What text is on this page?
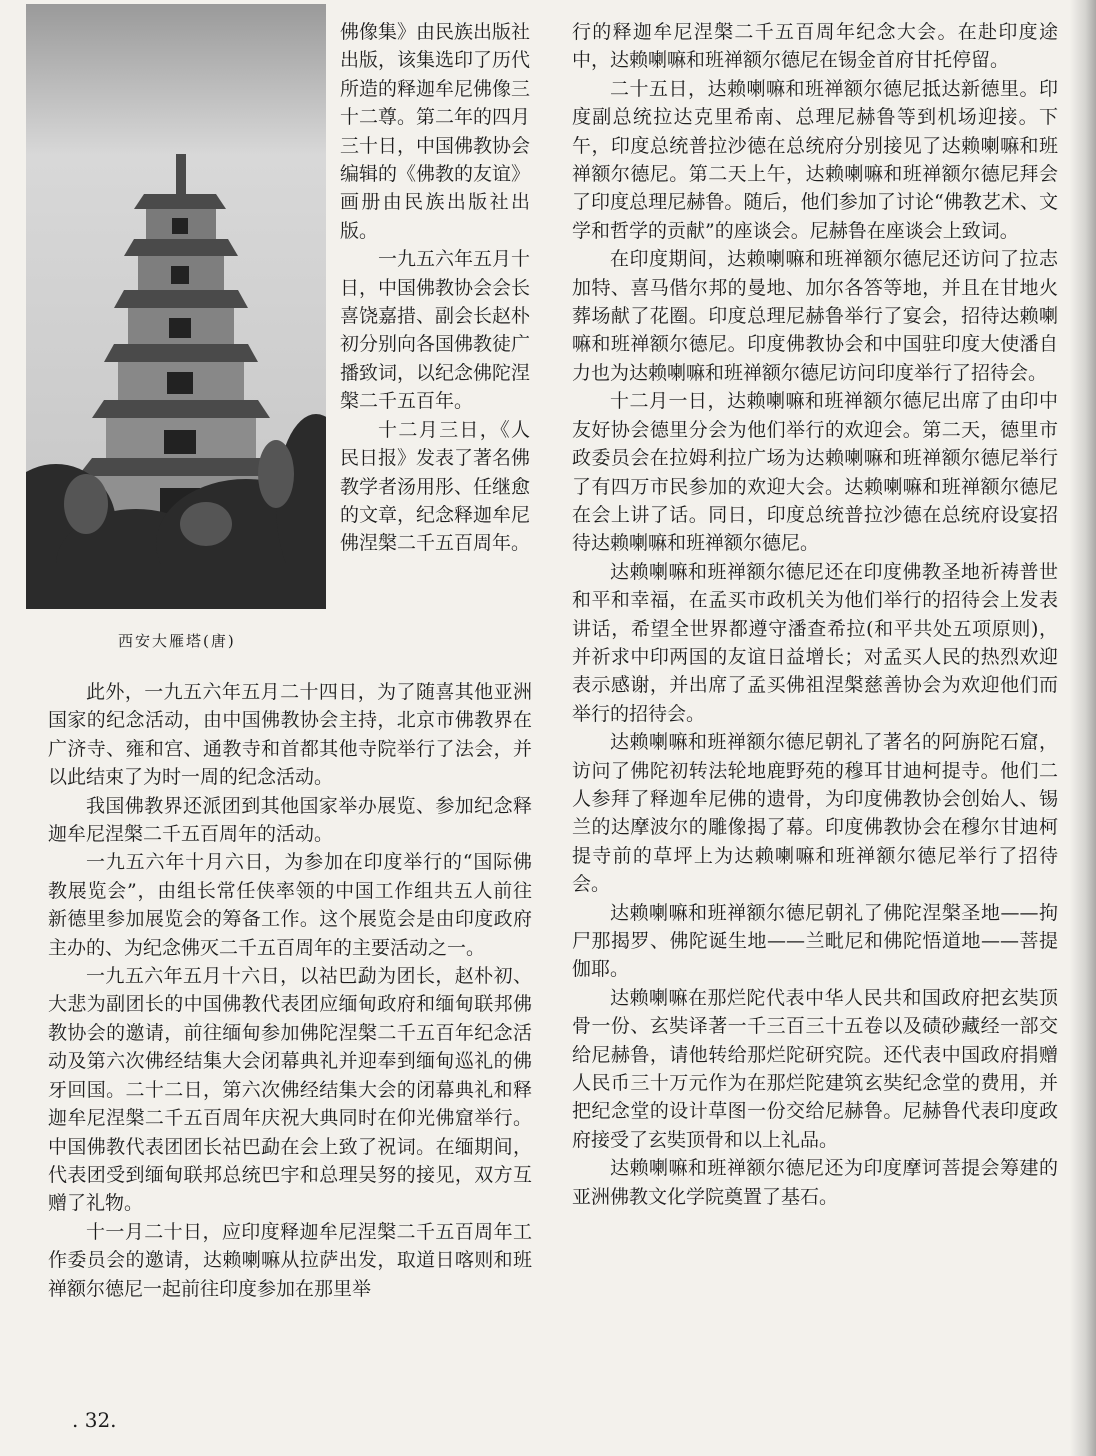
西安大雁塔(唐)

佛像集》由民族出版社出版，该集选印了历代所造的释迦牟尼佛像三十二尊。第二年的四月三十日，中国佛教协会编辑的《佛教的友谊》画册由民族出版社出版。

一九五六年五月十日，中国佛教协会会长喜饶嘉措、副会长赵朴初分别向各国佛教徒广播致词，以纪念佛陀涅槃二千五百年。

十二月三日，《人民日报》发表了著名佛教学者汤用彤、任继愈的文章，纪念释迦牟尼佛涅槃二千五百周年。

此外，一九五六年五月二十四日，为了随喜其他亚洲国家的纪念活动，由中国佛教协会主持，北京市佛教界在广济寺、雍和宫、通教寺和首都其他寺院举行了法会，并以此结束了为时一周的纪念活动。

我国佛教界还派团到其他国家举办展览、参加纪念释迦牟尼涅槃二千五百周年的活动。

一九五六年十月六日，为参加在印度举行的“国际佛教展览会”，由组长常任侠率领的中国工作组共五人前往新德里参加展览会的筹备工作。这个展览会是由印度政府主办的、为纪念佛灭二千五百周年的主要活动之一。

一九五六年五月十六日，以祜巴勐为团长，赵朴初、大悲为副团长的中国佛教代表团应缅甸政府和缅甸联邦佛教协会的邀请，前往缅甸参加佛陀涅槃二千五百年纪念活动及第六次佛经结集大会闭幕典礼并迎奉到缅甸巡礼的佛牙回国。二十二日，第六次佛经结集大会的闭幕典礼和释迦牟尼涅槃二千五百周年庆祝大典同时在仰光佛窟举行。中国佛教代表团团长祜巴勐在会上致了祝词。在缅期间，代表团受到缅甸联邦总统巴宇和总理吴努的接见，双方互赠了礼物。

十一月二十日，应印度释迦牟尼涅槃二千五百周年工作委员会的邀请，达赖喇嘛从拉萨出发，取道日喀则和班禅额尔德尼一起前往印度参加在那里举

行的释迦牟尼涅槃二千五百周年纪念大会。在赴印度途中，达赖喇嘛和班禅额尔德尼在锡金首府甘托停留。

二十五日，达赖喇嘛和班禅额尔德尼抵达新德里。印度副总统拉达克里希南、总理尼赫鲁等到机场迎接。下午，印度总统普拉沙德在总统府分别接见了达赖喇嘛和班禅额尔德尼。第二天上午，达赖喇嘛和班禅额尔德尼拜会了印度总理尼赫鲁。随后，他们参加了讨论“佛教艺术、文学和哲学的贡献”的座谈会。尼赫鲁在座谈会上致词。

在印度期间，达赖喇嘛和班禅额尔德尼还访问了拉志加特、喜马偕尔邦的曼地、加尔各答等地，并且在甘地火葬场献了花圈。印度总理尼赫鲁举行了宴会，招待达赖喇嘛和班禅额尔德尼。印度佛教协会和中国驻印度大使潘自力也为达赖喇嘛和班禅额尔德尼访问印度举行了招待会。

十二月一日，达赖喇嘛和班禅额尔德尼出席了由印中友好协会德里分会为他们举行的欢迎会。第二天，德里市政委员会在拉姆利拉广场为达赖喇嘛和班禅额尔德尼举行了有四万市民参加的欢迎大会。达赖喇嘛和班禅额尔德尼在会上讲了话。同日，印度总统普拉沙德在总统府设宴招待达赖喇嘛和班禅额尔德尼。

达赖喇嘛和班禅额尔德尼还在印度佛教圣地祈祷普世和平和幸福，在孟买市政机关为他们举行的招待会上发表讲话，希望全世界都遵守潘查希拉(和平共处五项原则)，并祈求中印两国的友谊日益增长；对孟买人民的热烈欢迎表示感谢，并出席了孟买佛祖涅槃慈善协会为欢迎他们而举行的招待会。

达赖喇嘛和班禅额尔德尼朝礼了著名的阿旃陀石窟，访问了佛陀初转法轮地鹿野苑的穆耳甘迪柯提寺。他们二人参拜了释迦牟尼佛的遗骨，为印度佛教协会创始人、锡兰的达摩波尔的雕像揭了幕。印度佛教协会在穆尔甘迪柯提寺前的草坪上为达赖喇嘛和班禅额尔德尼举行了招待会。

达赖喇嘛和班禅额尔德尼朝礼了佛陀涅槃圣地——拘尸那揭罗、佛陀诞生地——兰毗尼和佛陀悟道地——菩提伽耶。

达赖喇嘛在那烂陀代表中华人民共和国政府把玄奘顶骨一份、玄奘译著一千三百三十五卷以及碛砂藏经一部交给尼赫鲁，请他转给那烂陀研究院。还代表中国政府捐赠人民币三十万元作为在那烂陀建筑玄奘纪念堂的费用，并把纪念堂的设计草图一份交给尼赫鲁。尼赫鲁代表印度政府接受了玄奘顶骨和以上礼品。

达赖喇嘛和班禅额尔德尼还为印度摩诃菩提会筹建的亚洲佛教文化学院奠置了基石。

. 32.
